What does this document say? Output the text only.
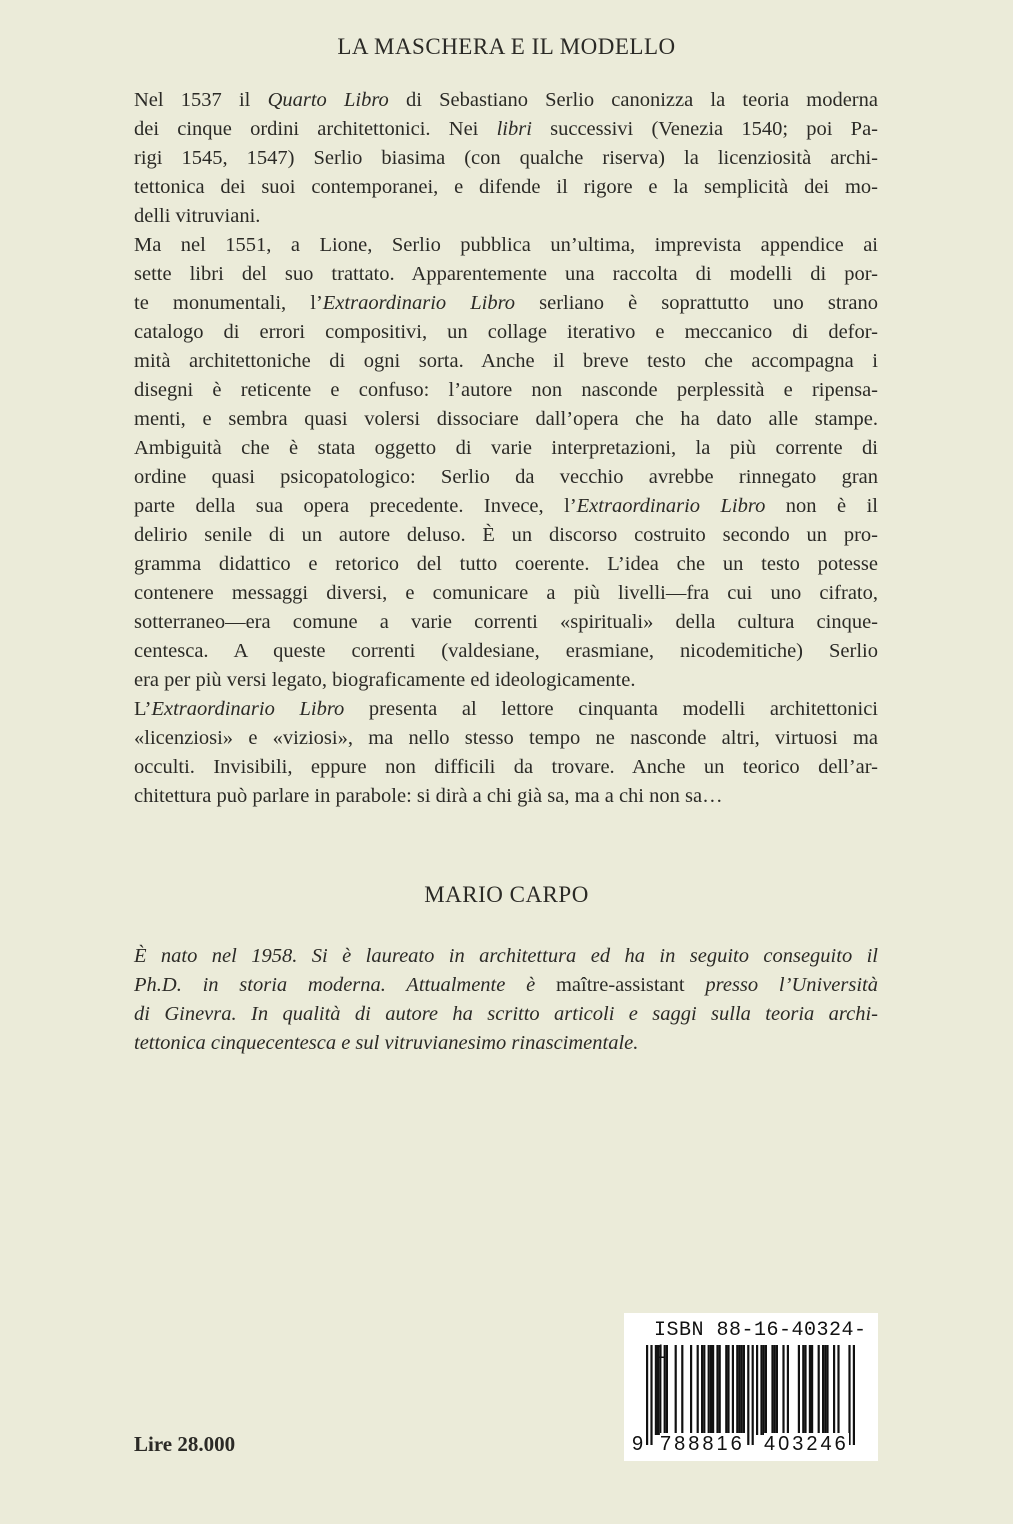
LA MASCHERA E IL MODELLO
Nel 1537 il Quarto Libro di Sebastiano Serlio canonizza la teoria moderna
dei cinque ordini architettonici. Nei libri successivi (Venezia 1540; poi Pa-
rigi 1545, 1547) Serlio biasima (con qualche riserva) la licenziosità archi-
tettonica dei suoi contemporanei, e difende il rigore e la semplicità dei mo-
delli vitruviani.
Ma nel 1551, a Lione, Serlio pubblica un’ultima, imprevista appendice ai
sette libri del suo trattato. Apparentemente una raccolta di modelli di por-
te monumentali, l’Extraordinario Libro serliano è soprattutto uno strano
catalogo di errori compositivi, un collage iterativo e meccanico di defor-
mità architettoniche di ogni sorta. Anche il breve testo che accompagna i
disegni è reticente e confuso: l’autore non nasconde perplessità e ripensa-
menti, e sembra quasi volersi dissociare dall’opera che ha dato alle stampe.
Ambiguità che è stata oggetto di varie interpretazioni, la più corrente di
ordine quasi psicopatologico: Serlio da vecchio avrebbe rinnegato gran
parte della sua opera precedente. Invece, l’Extraordinario Libro non è il
delirio senile di un autore deluso. È un discorso costruito secondo un pro-
gramma didattico e retorico del tutto coerente. L’idea che un testo potesse
contenere messaggi diversi, e comunicare a più livelli—fra cui uno cifrato,
sotterraneo—era comune a varie correnti «spirituali» della cultura cinque-
centesca. A queste correnti (valdesiane, erasmiane, nicodemitiche) Serlio
era per più versi legato, biograficamente ed ideologicamente.
L’Extraordinario Libro presenta al lettore cinquanta modelli architettonici
«licenziosi» e «viziosi», ma nello stesso tempo ne nasconde altri, virtuosi ma
occulti. Invisibili, eppure non difficili da trovare. Anche un teorico dell’ar-
chitettura può parlare in parabole: si dirà a chi già sa, ma a chi non sa…
MARIO CARPO
È nato nel 1958. Si è laureato in architettura ed ha in seguito conseguito il
Ph.D. in storia moderna. Attualmente è maître-assistant presso l’Università
di Ginevra. In qualità di autore ha scritto articoli e saggi sulla teoria archi-
tettonica cinquecentesca e sul vitruvianesimo rinascimentale.
Lire 28.000
ISBN 88-16-40324-
9 788816 403246
